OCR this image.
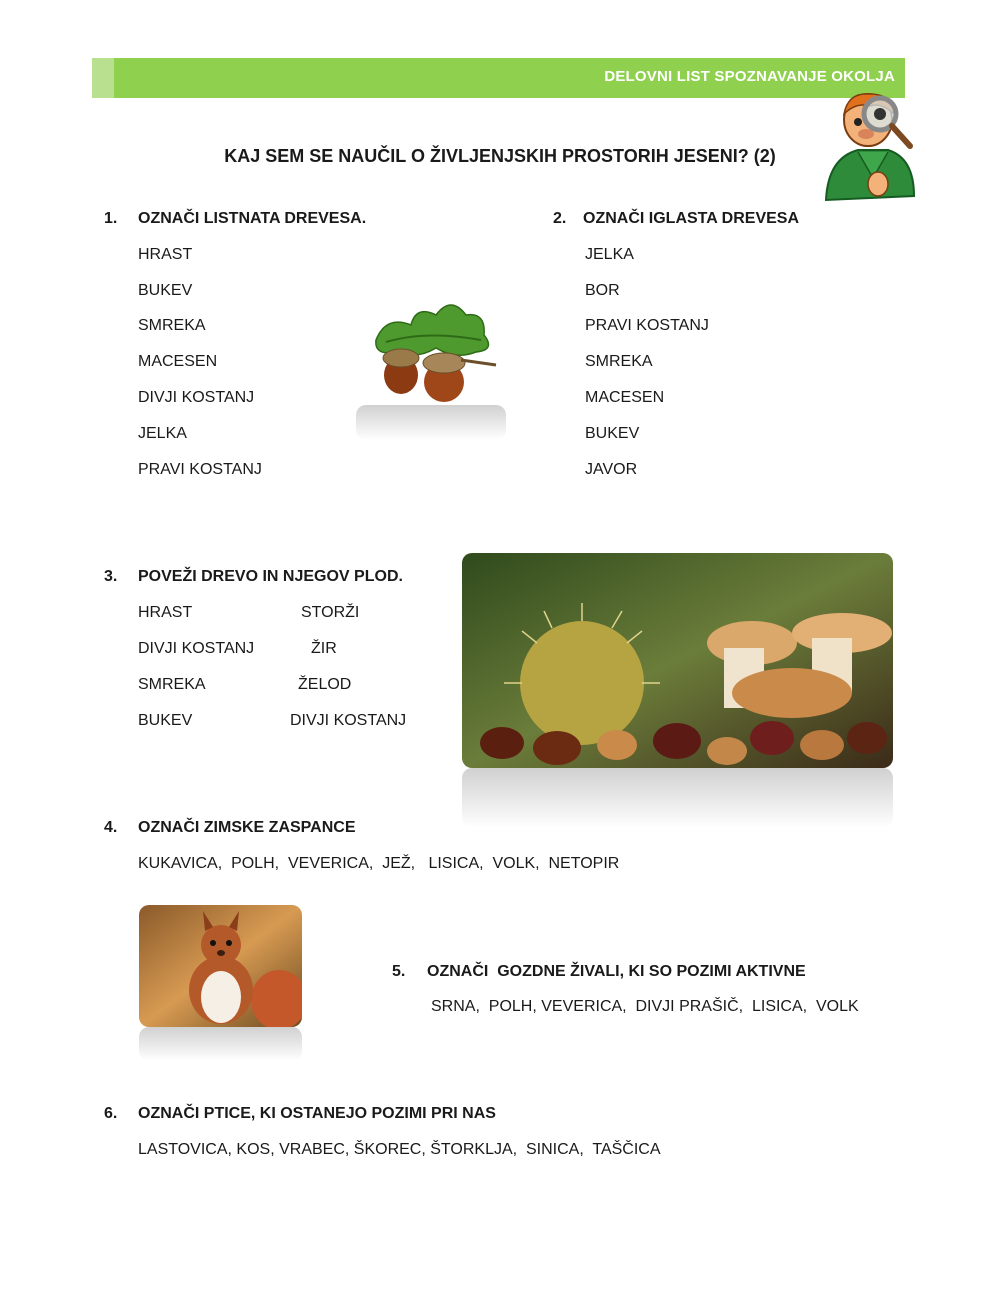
DELOVNI LIST SPOZNAVANJE OKOLJA
KAJ SEM SE NAUČIL O ŽIVLJENJSKIH PROSTORIH JESENI? (2)
1. OZNAČI LISTNATA DREVESA.
HRAST
BUKEV
SMREKA
MACESEN
DIVJI KOSTANJ
JELKA
PRAVI KOSTANJ
2. OZNAČI IGLASTA DREVESA
JELKA
BOR
PRAVI KOSTANJ
SMREKA
MACESEN
BUKEV
JAVOR
3. POVEŽI DREVO IN NJEGOV PLOD.
HRAST
DIVJI KOSTANJ
SMREKA
BUKEV
STORŽI
ŽIR
ŽELOD
DIVJI KOSTANJ
4. OZNAČI ZIMSKE ZASPANCE
KUKAVICA,  POLH,  VEVERICA,  JEŽ,   LISICA,  VOLK,  NETOPIR
5. OZNAČI  GOZDNE ŽIVALI, KI SO POZIMI AKTIVNE
SRNA,  POLH, VEVERICA,  DIVJI PRAŠIČ,  LISICA,  VOLK
6. OZNAČI PTICE, KI OSTANEJO POZIMI PRI NAS
LASTOVICA, KOS, VRABEC, ŠKOREC, ŠTORKLJA,  SINICA,  TAŠČICA
